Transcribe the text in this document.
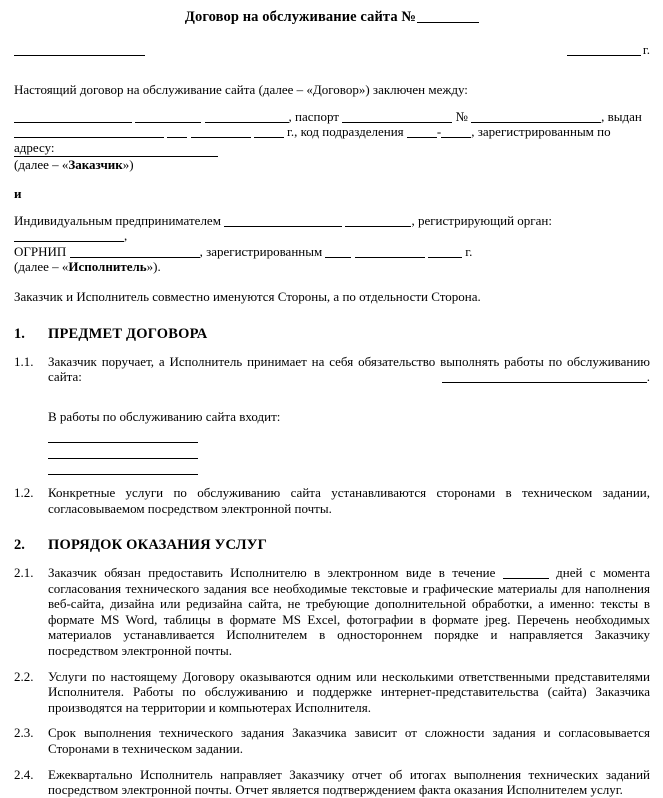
Договор на обслуживание сайта №
г.

Настоящий договор на обслуживание сайта (далее – «Договор») заключен между:

, паспорт	№	, выдан

г., код подразделения	- , зарегистрированным по адресу:

(далее – «Заказчик»)

и

Индивидуальным предпринимателем	, регистрирующий орган: ,

ОГРНИП	, зарегистрированным	г.

(далее – «Исполнитель»).

Заказчик и Исполнитель совместно именуются Стороны, а по отдельности Сторона.

1. ПРЕДМЕТ ДОГОВОРА
1.1. Заказчик поручает, а Исполнитель принимает на себя обязательство выполнять работы по обслуживанию сайта:	.
В работы по обслуживанию сайта входит:
1.2. Конкретные услуги по обслуживанию сайта устанавливаются сторонами в техническом задании, согласовываемом посредством электронной почты.
2. ПОРЯДОК ОКАЗАНИЯ УСЛУГ
2.1. Заказчик обязан предоставить Исполнителю в электронном виде в течение	дней с момента согласования технического задания все необходимые текстовые и графические материалы для наполнения веб-сайта, дизайна или редизайна сайта, не требующие дополнительной обработки, а именно: тексты в формате MS Word, таблицы в формате MS Excel, фотографии в формате jpeg. Перечень необходимых материалов устанавливается Исполнителем в одностороннем порядке и направляется Заказчику посредством электронной почты.
2.2. Услуги по настоящему Договору оказываются одним или несколькими ответственными представителями Исполнителя. Работы по обслуживанию и поддержке интернет-представительства (сайта) Заказчика производятся на территории и компьютерах Исполнителя.
2.3. Срок выполнения технического задания Заказчика зависит от сложности задания и согласовывается Сторонами в техническом задании.
2.4. Ежеквартально Исполнитель направляет Заказчику отчет об итогах выполнения технических заданий посредством электронной почты. Отчет является подтверждением факта оказания Исполнителем услуг.
